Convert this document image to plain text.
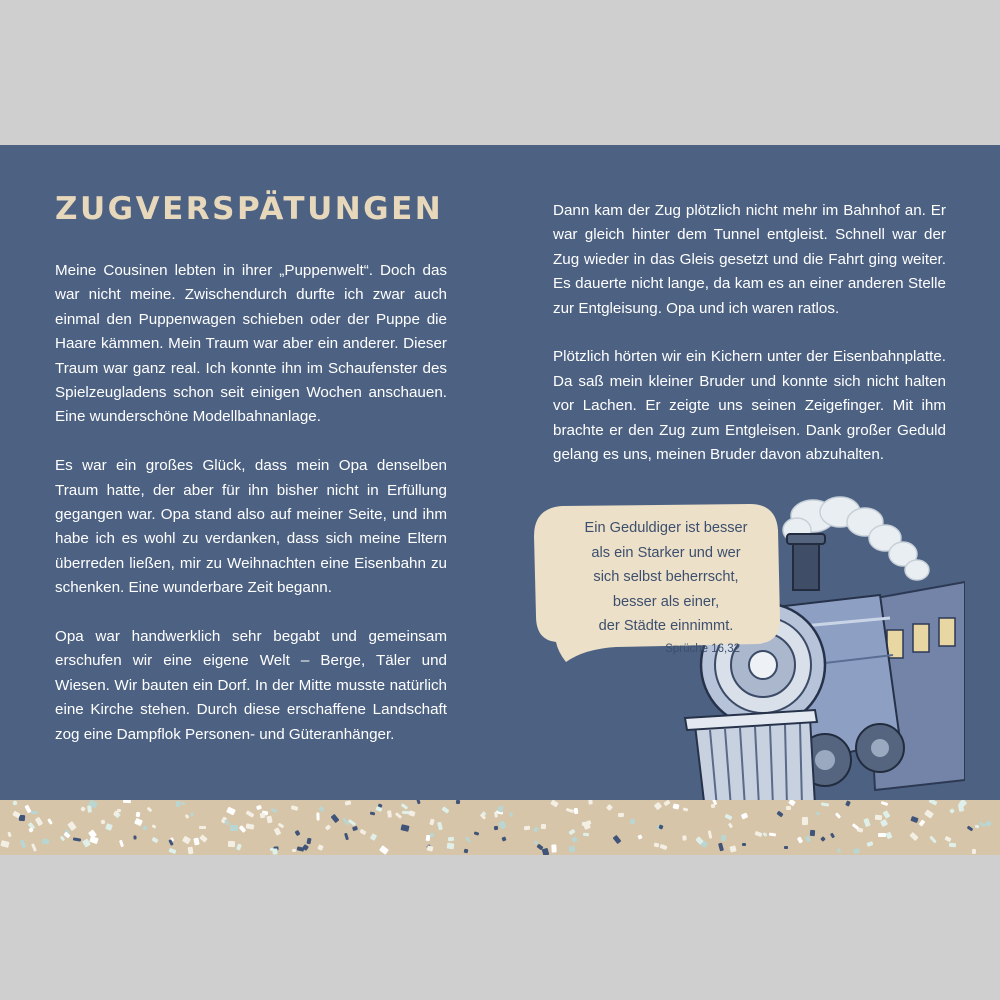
ZUGVERSPÄTUNGEN

Meine Cousinen lebten in ihrer „Puppenwelt“. Doch das war nicht meine. Zwischendurch durfte ich zwar auch einmal den Puppenwagen schieben oder der Puppe die Haare kämmen. Mein Traum war aber ein anderer. Dieser Traum war ganz real. Ich konnte ihn im Schaufenster des Spielzeugladens schon seit einigen Wochen anschauen. Eine wunderschöne Modellbahnanlage.

Es war ein großes Glück, dass mein Opa denselben Traum hatte, der aber für ihn bisher nicht in Erfüllung gegangen war. Opa stand also auf meiner Seite, und ihm habe ich es wohl zu verdanken, dass sich meine Eltern überreden ließen, mir zu Weihnachten eine Eisenbahn zu schenken. Eine wunderbare Zeit begann.

Opa war handwerklich sehr begabt und gemeinsam erschufen wir eine eigene Welt – Berge, Täler und Wiesen. Wir bauten ein Dorf. In der Mitte musste natürlich eine Kirche stehen. Durch diese erschaffene Landschaft zog eine Dampflok Personen- und Güteranhänger.

Dann kam der Zug plötzlich nicht mehr im Bahnhof an. Er war gleich hinter dem Tunnel entgleist. Schnell war der Zug wieder in das Gleis gesetzt und die Fahrt ging weiter. Es dauerte nicht lange, da kam es an einer anderen Stelle zur Entgleisung. Opa und ich waren ratlos.

Plötzlich hörten wir ein Kichern unter der Eisenbahnplatte. Da saß mein kleiner Bruder und konnte sich nicht halten vor Lachen. Er zeigte uns seinen Zeigefinger. Mit ihm brachte er den Zug zum Entgleisen. Dank großer Geduld gelang es uns, meinen Bruder davon abzuhalten.

Ein Geduldiger ist besser
als ein Starker und wer
sich selbst beherrscht,
besser als einer,
der Städte einnimmt.
Sprüche 16,32
